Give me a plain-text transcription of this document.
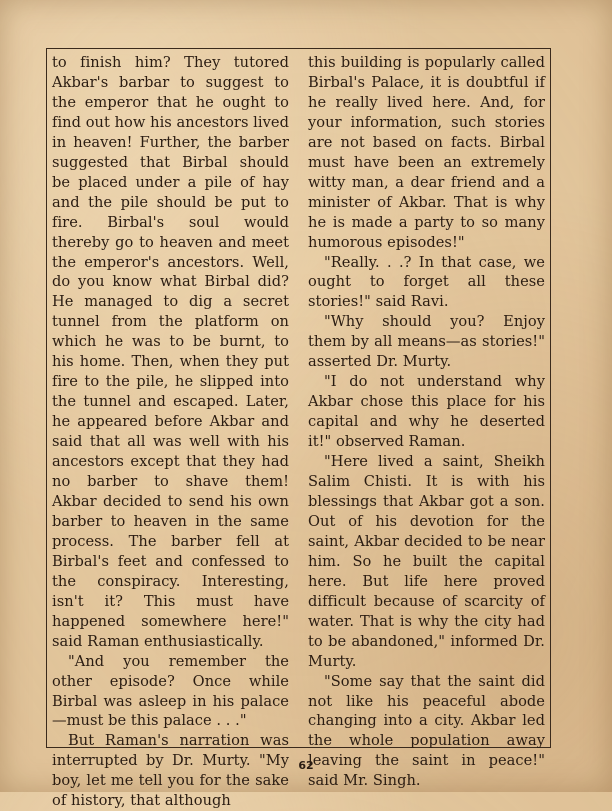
to finish him? They tutored Akbar's barbar to suggest to the emperor that he ought to find out how his ancestors lived in heaven! Further, the barber suggested that Birbal should be placed under a pile of hay and the pile should be put to fire. Birbal's soul would thereby go to heaven and meet the emperor's ancestors. Well, do you know what Birbal did? He managed to dig a secret tunnel from the platform on which he was to be burnt, to his home. Then, when they put fire to the pile, he slipped into the tunnel and escaped. Later, he appeared before Akbar and said that all was well with his ancestors except that they had no barber to shave them! Akbar decided to send his own barber to heaven in the same process. The barber fell at Birbal's feet and confessed to the conspiracy. Interesting, isn't it? This must have happened somewhere here!" said Raman enthusiastically.

"And you remember the other episode? Once while Birbal was asleep in his palace—must be this palace . . ."

But Raman's narration was interrupted by Dr. Murty. "My boy, let me tell you for the sake of history, that although

this building is popularly called Birbal's Palace, it is doubtful if he really lived here. And, for your information, such stories are not based on facts. Birbal must have been an extremely witty man, a dear friend and a minister of Akbar. That is why he is made a party to so many humorous episodes!"

"Really. . .? In that case, we ought to forget all these stories!" said Ravi.

"Why should you? Enjoy them by all means—as stories!" asserted Dr. Murty.

"I do not understand why Akbar chose this place for his capital and why he deserted it!" observed Raman.

"Here lived a saint, Sheikh Salim Chisti. It is with his blessings that Akbar got a son. Out of his devotion for the saint, Akbar decided to be near him. So he built the capital here. But life here proved difficult because of scarcity of water. That is why the city had to be abandoned," informed Dr. Murty.

"Some say that the saint did not like his peaceful abode changing into a city. Akbar led the whole population away leaving the saint in peace!" said Mr. Singh.

62
